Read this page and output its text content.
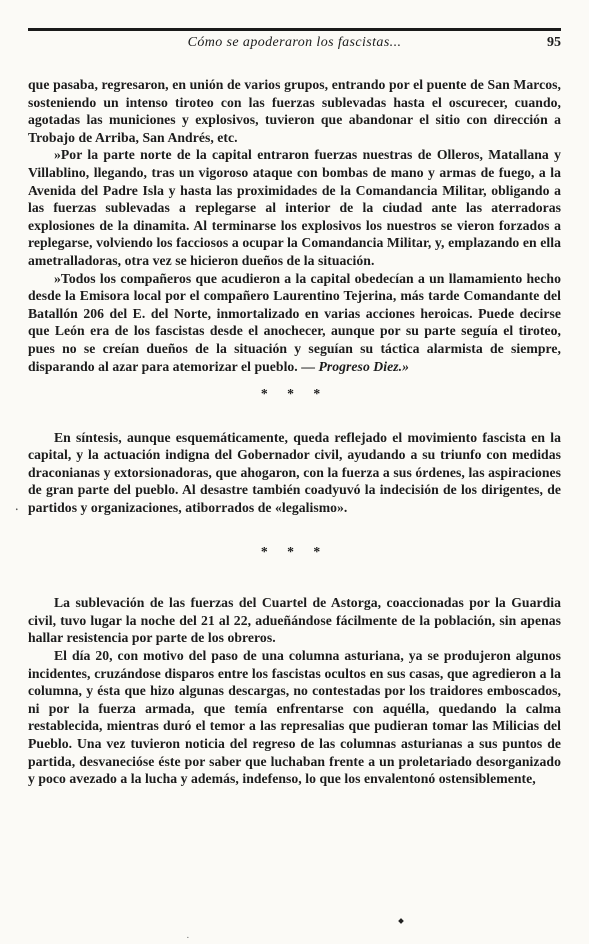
Cómo se apoderaron los fascistas...	95

que pasaba, regresaron, en unión de varios grupos, entrando por el puente de San Marcos, sosteniendo un intenso tiroteo con las fuerzas sublevadas hasta el oscurecer, cuando, agotadas las municiones y explosivos, tuvieron que abandonar el sitio con dirección a Trobajo de Arriba, San Andrés, etc.

»Por la parte norte de la capital entraron fuerzas nuestras de Olleros, Matallana y Villablino, llegando, tras un vigoroso ataque con bombas de mano y armas de fuego, a la Avenida del Padre Isla y hasta las proximidades de la Comandancia Militar, obligando a las fuerzas sublevadas a replegarse al interior de la ciudad ante las aterradoras explosiones de la dinamita. Al terminarse los explosivos los nuestros se vieron forzados a replegarse, volviendo los facciosos a ocupar la Comandancia Militar, y, emplazando en ella ametralladoras, otra vez se hicieron dueños de la situación.

»Todos los compañeros que acudieron a la capital obedecían a un llamamiento hecho desde la Emisora local por el compañero Laurentino Tejerina, más tarde Comandante del Batallón 206 del E. del Norte, inmortalizado en varias acciones heroicas. Puede decirse que León era de los fascistas desde el anochecer, aunque por su parte seguía el tiroteo, pues no se creían dueños de la situación y seguían su táctica alarmista de siempre, disparando al azar para atemorizar el pueblo. — Progreso Diez.»

* * *

En síntesis, aunque esquemáticamente, queda reflejado el movimiento fascista en la capital, y la actuación indigna del Gobernador civil, ayudando a su triunfo con medidas draconianas y extorsionadoras, que ahogaron, con la fuerza a sus órdenes, las aspiraciones de gran parte del pueblo. Al desastre también coadyuvó la indecisión de los dirigentes, de partidos y organizaciones, atiborrados de «legalismo».

* * *

La sublevación de las fuerzas del Cuartel de Astorga, coaccionadas por la Guardia civil, tuvo lugar la noche del 21 al 22, adueñándose fácilmente de la población, sin apenas hallar resistencia por parte de los obreros.

El día 20, con motivo del paso de una columna asturiana, ya se produjeron algunos incidentes, cruzándose disparos entre los fascistas ocultos en sus casas, que agredieron a la columna, y ésta que hizo algunas descargas, no contestadas por los traidores emboscados, ni por la fuerza armada, que temía enfrentarse con aquélla, quedando la calma restablecida, mientras duró el temor a las represalias que pudieran tomar las Milicias del Pueblo. Una vez tuvieron noticia del regreso de las columnas asturianas a sus puntos de partida, desvanecióse éste por saber que luchaban frente a un proletariado desorganizado y poco avezado a la lucha y además, indefenso, lo que los envalentonó ostensiblemente,

⸱
·
